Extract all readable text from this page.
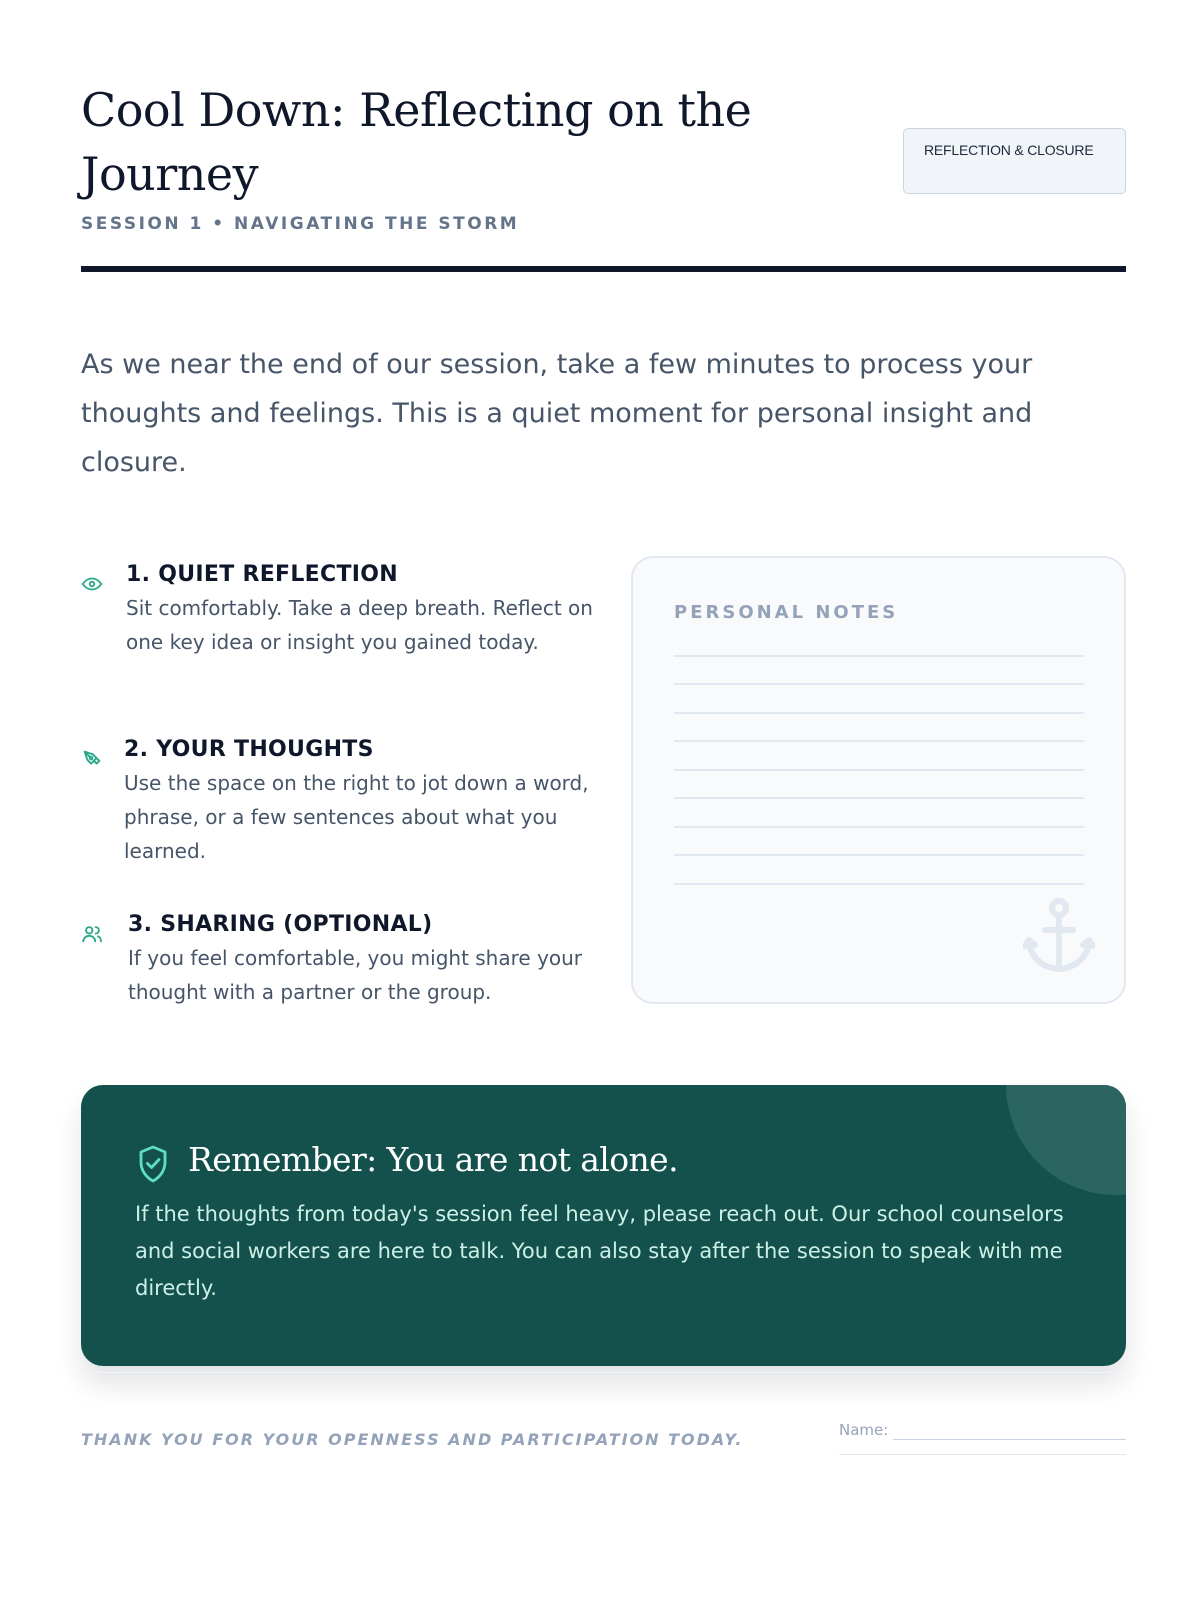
Cool Down: Reflecting on the Journey
SESSION 1 • NAVIGATING THE STORM
REFLECTION & CLOSURE

As we near the end of our session, take a few minutes to process your thoughts and feelings. This is a quiet moment for personal insight and closure.

1. QUIET REFLECTION

Sit comfortably. Take a deep breath. Reflect on one key idea or insight you gained today.

2. YOUR THOUGHTS

Use the space on the right to jot down a word, phrase, or a few sentences about what you learned.

3. SHARING (OPTIONAL)

If you feel comfortable, you might share your thought with a partner or the group.

PERSONAL NOTES
Remember: You are not alone.

If the thoughts from today's session feel heavy, please reach out. Our school counselors and social workers are here to talk. You can also stay after the session to speak with me directly.

THANK YOU FOR YOUR OPENNESS AND PARTICIPATION TODAY.	Name:
